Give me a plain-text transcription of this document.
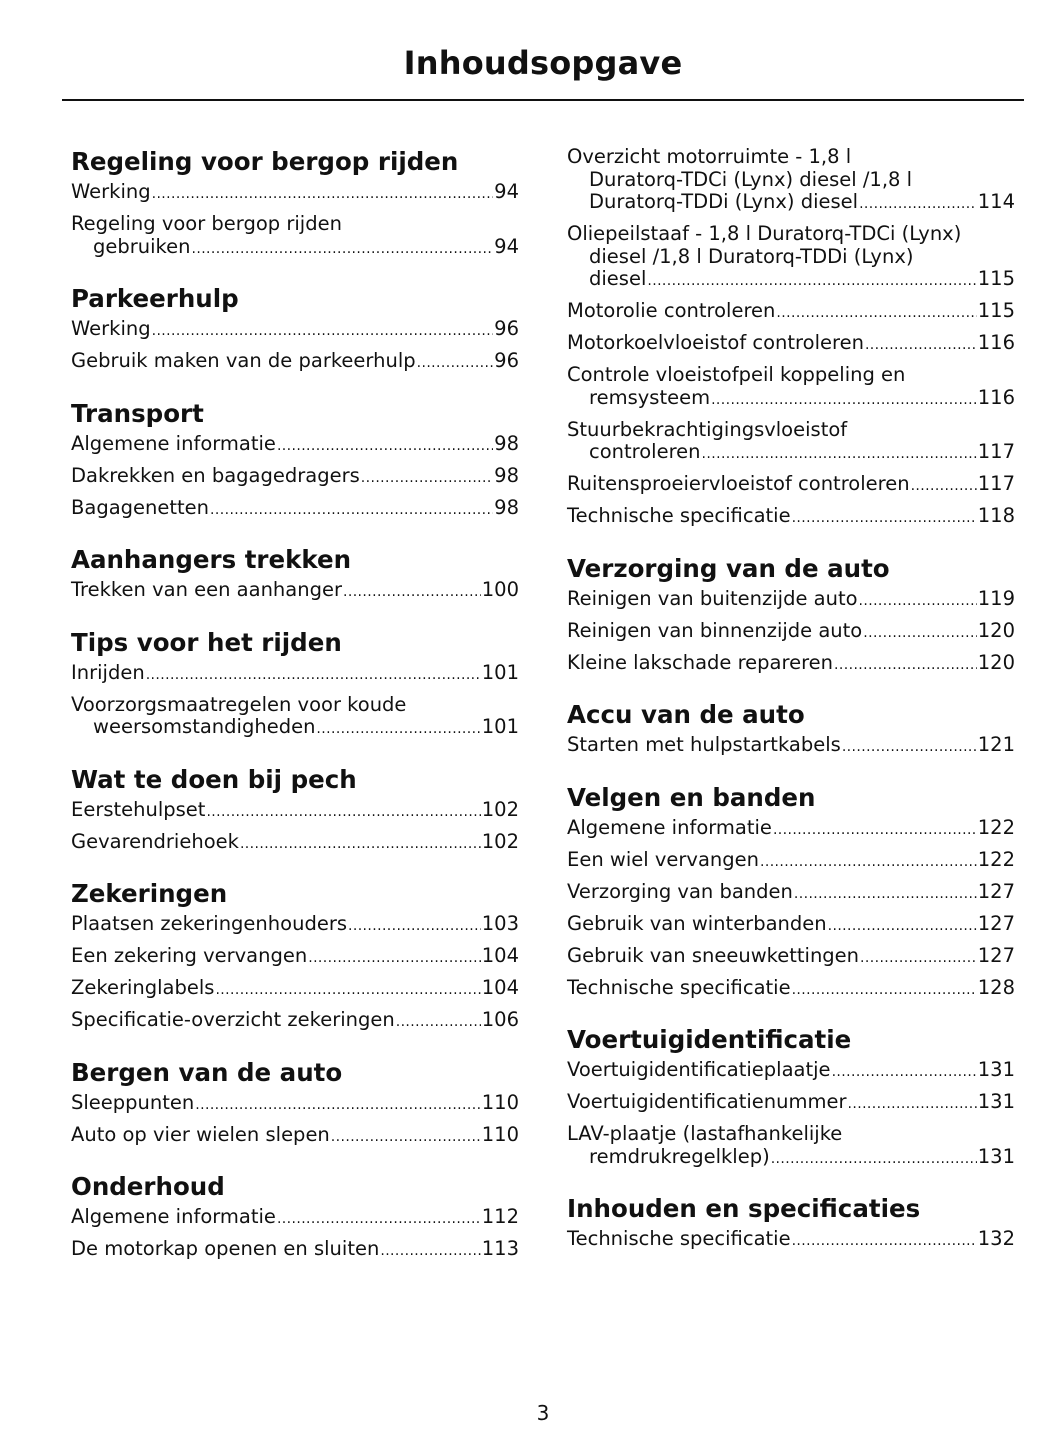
Inhoudsopgave
Regeling voor bergop rijden
Werking .....	94
Regeling voor bergop rijden
gebruiken .....	94
Parkeerhulp
Werking .....	96
Gebruik maken van de parkeerhulp .....	96
Transport
Algemene informatie .....	98
Dakrekken en bagagedragers .....	98
Bagagenetten .....	98
Aanhangers trekken
Trekken van een aanhanger .....	100
Tips voor het rijden
Inrijden .....	101
Voorzorgsmaatregelen voor koude
weersomstandigheden .....	101
Wat te doen bij pech
Eerstehulpset .....	102
Gevarendriehoek .....	102
Zekeringen
Plaatsen zekeringenhouders .....	103
Een zekering vervangen .....	104
Zekeringlabels .....	104
Specificatie-overzicht zekeringen .....	106
Bergen van de auto
Sleeppunten .....	110
Auto op vier wielen slepen .....	110
Onderhoud
Algemene informatie .....	112
De motorkap openen en sluiten .....	113
Overzicht motorruimte - 1,8 l
Duratorq-TDCi (Lynx) diesel /1,8 l
Duratorq-TDDi (Lynx) diesel .....	114
Oliepeilstaaf - 1,8 l Duratorq-TDCi (Lynx)
diesel /1,8 l Duratorq-TDDi (Lynx)
diesel .....	115
Motorolie controleren .....	115
Motorkoelvloeistof controleren .....	116
Controle vloeistofpeil koppeling en
remsysteem .....	116
Stuurbekrachtigingsvloeistof
controleren .....	117
Ruitensproeiervloeistof controleren .....	117
Technische specificatie .....	118
Verzorging van de auto
Reinigen van buitenzijde auto .....	119
Reinigen van binnenzijde auto .....	120
Kleine lakschade repareren .....	120
Accu van de auto
Starten met hulpstartkabels .....	121
Velgen en banden
Algemene informatie .....	122
Een wiel vervangen .....	122
Verzorging van banden .....	127
Gebruik van winterbanden .....	127
Gebruik van sneeuwkettingen .....	127
Technische specificatie .....	128
Voertuigidentificatie
Voertuigidentificatieplaatje .....	131
Voertuigidentificatienummer .....	131
LAV-plaatje (lastafhankelijke
remdrukregelklep) .....	131
Inhouden en specificaties
Technische specificatie .....	132
3
